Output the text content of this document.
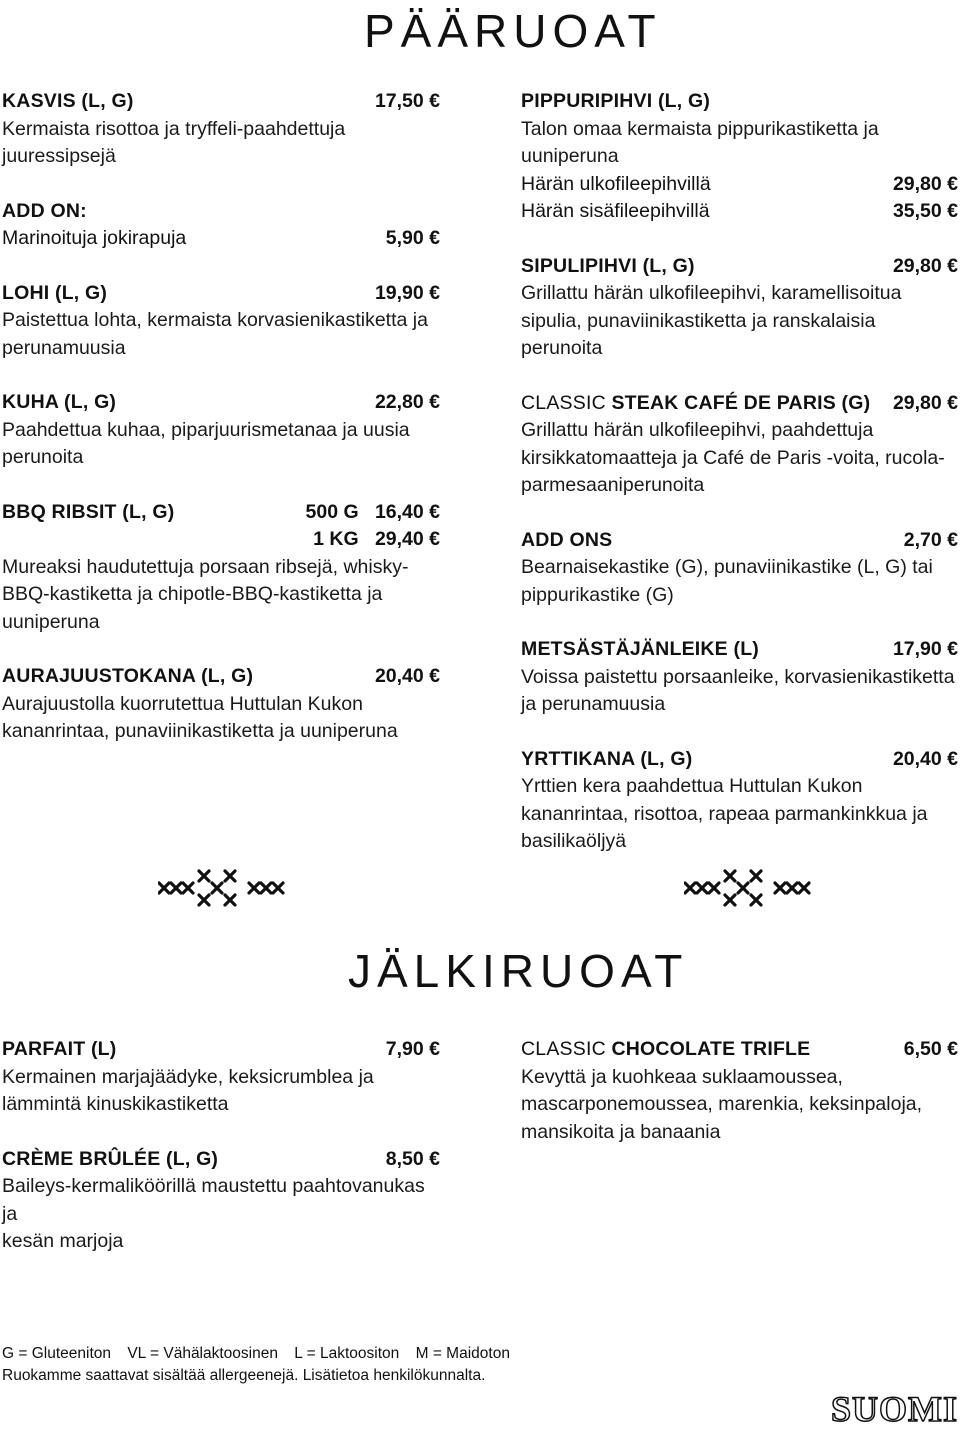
PÄÄRUOAT
KASVIS (L, G)	17,50 €
Kermaista risottoa ja tryffeli-paahdettuja
juuressipsejä
ADD ON:
Marinoituja jokirapuja	5,90 €
LOHI (L, G)	19,90 €
Paistettua lohta, kermaista korvasienikastiketta ja
perunamuusia
KUHA (L, G)	22,80 €
Paahdettua kuhaa, piparjuurismetanaa ja uusia
perunoita
BBQ RIBSIT (L, G)	500 G 16,40 €
1 KG 29,40 €
Mureaksi haudutettuja porsaan ribsejä, whisky-
BBQ-kastiketta ja chipotle-BBQ-kastiketta ja
uuniperuna
AURAJUUSTOKANA (L, G)	20,40 €
Aurajuustolla kuorrutettua Huttulan Kukon
kananrintaa, punaviinikastiketta ja uuniperuna
PIPPURIPIHVI (L, G)
Talon omaa kermaista pippurikastiketta ja
uuniperuna
Härän ulkofileepihvillä	29,80 €
Härän sisäfileepihvillä	35,50 €
SIPULIPIHVI (L, G)	29,80 €
Grillattu härän ulkofileepihvi, karamellisoitua
sipulia, punaviinikastiketta ja ranskalaisia perunoita
CLASSIC STEAK CAFÉ DE PARIS (G) 29,80 €
Grillattu härän ulkofileepihvi, paahdettuja
kirsikkatomaatteja ja Café de Paris -voita, rucola-
parmesaaniperunoita
ADD ONS	2,70 €
Bearnaisekastike (G), punaviinikastike (L, G) tai
pippurikastike (G)
METSÄSTÄJÄNLEIKE (L)	17,90 €
Voissa paistettu porsaanleike, korvasienikastiketta
ja perunamuusia
YRTTIKANA (L, G)	20,40 €
Yrttien kera paahdettua Huttulan Kukon
kananrintaa, risottoa, rapeaa parmankinkkua ja
basilikaöljyä
JÄLKIRUOAT
PARFAIT (L)	7,90 €
Kermainen marjajäädyke, keksicrumblea ja
lämmintä kinuskikastiketta
CRÈME BRÛLÉE (L, G)	8,50 €
Baileys-kermaliköörillä maustettu paahtovanukas ja
kesän marjoja
CLASSIC CHOCOLATE TRIFLE	6,50 €
Kevyttä ja kuohkeaa suklaamoussea,
mascarponemoussea, marenkia, keksinpaloja,
mansikoita ja banaania
G = Gluteeniton VL = Vähälaktoosinen L = Laktoositon M = Maidoton
Ruokamme saattavat sisältää allergeenejä. Lisätietoa henkilökunnalta.
SUOMI
